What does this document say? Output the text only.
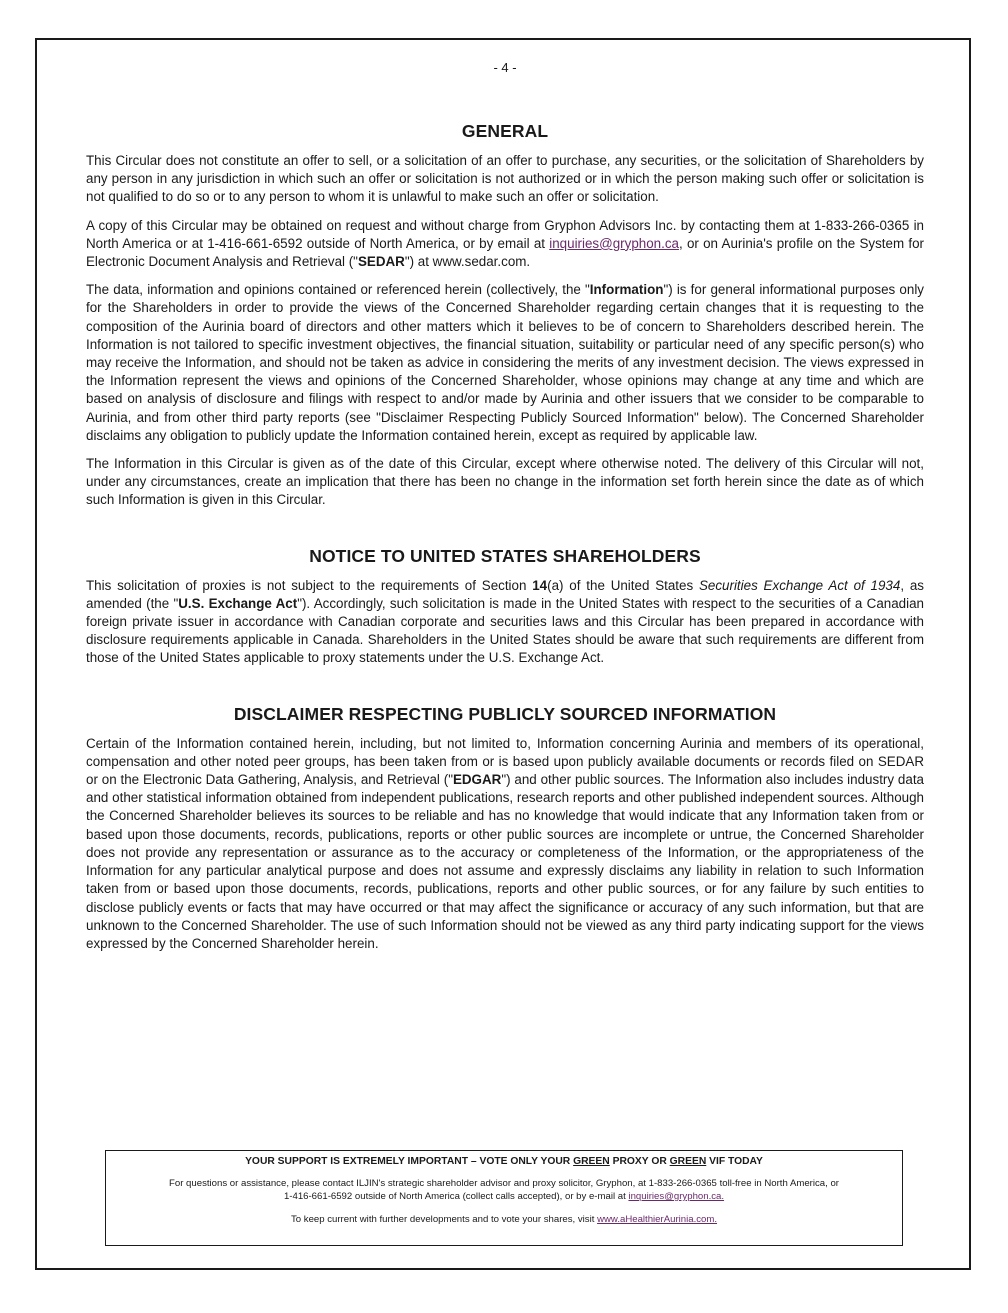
- 4 -
GENERAL

This Circular does not constitute an offer to sell, or a solicitation of an offer to purchase, any securities, or the solicitation of Shareholders by any person in any jurisdiction in which such an offer or solicitation is not authorized or in which the person making such offer or solicitation is not qualified to do so or to any person to whom it is unlawful to make such an offer or solicitation.

A copy of this Circular may be obtained on request and without charge from Gryphon Advisors Inc. by contacting them at 1-833-266-0365 in North America or at 1-416-661-6592 outside of North America, or by email at inquiries@gryphon.ca, or on Aurinia's profile on the System for Electronic Document Analysis and Retrieval ("SEDAR") at www.sedar.com.

The data, information and opinions contained or referenced herein (collectively, the "Information") is for general informational purposes only for the Shareholders in order to provide the views of the Concerned Shareholder regarding certain changes that it is requesting to the composition of the Aurinia board of directors and other matters which it believes to be of concern to Shareholders described herein. The Information is not tailored to specific investment objectives, the financial situation, suitability or particular need of any specific person(s) who may receive the Information, and should not be taken as advice in considering the merits of any investment decision. The views expressed in the Information represent the views and opinions of the Concerned Shareholder, whose opinions may change at any time and which are based on analysis of disclosure and filings with respect to and/or made by Aurinia and other issuers that we consider to be comparable to Aurinia, and from other third party reports (see "Disclaimer Respecting Publicly Sourced Information" below). The Concerned Shareholder disclaims any obligation to publicly update the Information contained herein, except as required by applicable law.

The Information in this Circular is given as of the date of this Circular, except where otherwise noted. The delivery of this Circular will not, under any circumstances, create an implication that there has been no change in the information set forth herein since the date as of which such Information is given in this Circular.

NOTICE TO UNITED STATES SHAREHOLDERS

This solicitation of proxies is not subject to the requirements of Section 14(a) of the United States Securities Exchange Act of 1934, as amended (the "U.S. Exchange Act"). Accordingly, such solicitation is made in the United States with respect to the securities of a Canadian foreign private issuer in accordance with Canadian corporate and securities laws and this Circular has been prepared in accordance with disclosure requirements applicable in Canada. Shareholders in the United States should be aware that such requirements are different from those of the United States applicable to proxy statements under the U.S. Exchange Act.

DISCLAIMER RESPECTING PUBLICLY SOURCED INFORMATION

Certain of the Information contained herein, including, but not limited to, Information concerning Aurinia and members of its operational, compensation and other noted peer groups, has been taken from or is based upon publicly available documents or records filed on SEDAR or on the Electronic Data Gathering, Analysis, and Retrieval ("EDGAR") and other public sources. The Information also includes industry data and other statistical information obtained from independent publications, research reports and other published independent sources. Although the Concerned Shareholder believes its sources to be reliable and has no knowledge that would indicate that any Information taken from or based upon those documents, records, publications, reports or other public sources are incomplete or untrue, the Concerned Shareholder does not provide any representation or assurance as to the accuracy or completeness of the Information, or the appropriateness of the Information for any particular analytical purpose and does not assume and expressly disclaims any liability in relation to such Information taken from or based upon those documents, records, publications, reports and other public sources, or for any failure by such entities to disclose publicly events or facts that may have occurred or that may affect the significance or accuracy of any such information, but that are unknown to the Concerned Shareholder. The use of such Information should not be viewed as any third party indicating support for the views expressed by the Concerned Shareholder herein.

YOUR SUPPORT IS EXTREMELY IMPORTANT – VOTE ONLY YOUR GREEN PROXY OR GREEN VIF TODAY
For questions or assistance, please contact ILJIN's strategic shareholder advisor and proxy solicitor, Gryphon, at 1-833-266-0365 toll-free in North America, or 1-416-661-6592 outside of North America (collect calls accepted), or by e-mail at inquiries@gryphon.ca.
To keep current with further developments and to vote your shares, visit www.aHealthierAurinia.com.
